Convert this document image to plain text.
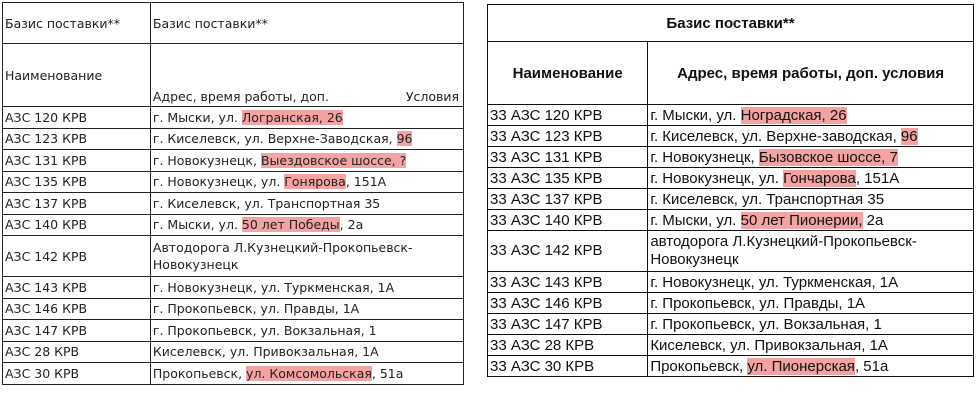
Базис поставки**	Базис поставки**
Наименование	Адрес, время работы, доп. Условия

АЗС 120 КРВ	г. Мыски, ул. Логранская, 26
АЗС 123 КРВ	г. Киселевск, ул. Верхне-Заводская, 96
АЗС 131 КРВ	г. Новокузнецк, Выездовское шоссе, ?
АЗС 135 КРВ	г. Новокузнецк, ул. Гонярова, 151А
АЗС 137 КРВ	г. Киселевск, ул. Транспортная 35
АЗС 140 КРВ	г. Мыски, ул. 50 лет Победы, 2а
АЗС 142 КРВ	Автодорога Л.Кузнецкий-Прокопьевск-Новокузнецк
АЗС 143 КРВ	г. Новокузнецк, ул. Туркменская, 1А
АЗС 146 КРВ	г. Прокопьевск, ул. Правды, 1А
АЗС 147 КРВ	г. Прокопьевск, ул. Вокзальная, 1
АЗС 28 КРВ	Киселевск, ул. Привокзальная, 1А
АЗС 30 КРВ	Прокопьевск, ул. Комсомольская, 51а
Базис поставки**	
Наименование	Адрес, время работы, доп. условия
33 АЗС 120 КРВ	г. Мыски, ул. Ноградская, 26
33 АЗС 123 КРВ	г. Киселевск, ул. Верхне-заводская, 96
33 АЗС 131 КРВ	г. Новокузнецк, Бызовское шоссе, 7
33 АЗС 135 КРВ	г. Новокузнецк, ул. Гончарова, 151А
33 АЗС 137 КРВ	г. Киселевск, ул. Транспортная 35
33 АЗС 140 КРВ	г. Мыски, ул. 50 лет Пионерии, 2а
33 АЗС 142 КРВ	автодорога Л.Кузнецкий-Прокопьевск-Новокузнецк
33 АЗС 143 КРВ	г. Новокузнецк, ул. Туркменская, 1А
33 АЗС 146 КРВ	г. Прокопьевск, ул. Правды, 1А
33 АЗС 147 КРВ	г. Прокопьевск, ул. Вокзальная, 1
33 АЗС 28 КРВ	Киселевск, ул. Привокзальная, 1А
33 АЗС 30 КРВ	Прокопьевск, ул. Пионерская, 51а
